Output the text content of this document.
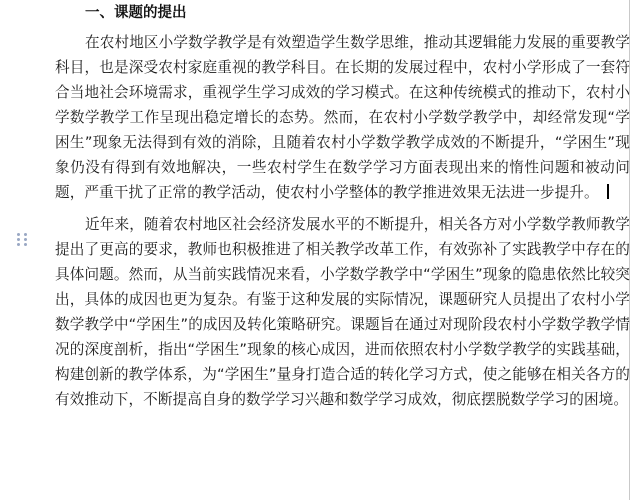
一、课题的提出

在农村地区小学数学教学是有效塑造学生数学思维，推动其逻辑能力发展的重要教学科目，也是深受农村家庭重视的教学科目。在长期的发展过程中，农村小学形成了一套符合当地社会环境需求，重视学生学习成效的学习模式。在这种传统模式的推动下，农村小学数学教学工作呈现出稳定增长的态势。然而，在农村小学数学教学中，却经常发现“学困生”现象无法得到有效的消除，且随着农村小学数学教学成效的不断提升，“学困生”现象仍没有得到有效地解决，一些农村学生在数学学习方面表现出来的惰性问题和被动问题，严重干扰了正常的教学活动，使农村小学整体的教学推进效果无法进一步提升。

近年来，随着农村地区社会经济发展水平的不断提升，相关各方对小学数学教师教学提出了更高的要求，教师也积极推进了相关教学改革工作，有效弥补了实践教学中存在的具体问题。然而，从当前实践情况来看，小学数学教学中“学困生”现象的隐患依然比较突出，具体的成因也更为复杂。有鉴于这种发展的实际情况，课题研究人员提出了农村小学数学教学中“学困生”的成因及转化策略研究。课题旨在通过对现阶段农村小学数学教学情况的深度剖析，指出“学困生”现象的核心成因，进而依照农村小学数学教学的实践基础，构建创新的教学体系，为“学困生”量身打造合适的转化学习方式，使之能够在相关各方的有效推动下，不断提高自身的数学学习兴趣和数学学习成效，彻底摆脱数学学习的困境。
